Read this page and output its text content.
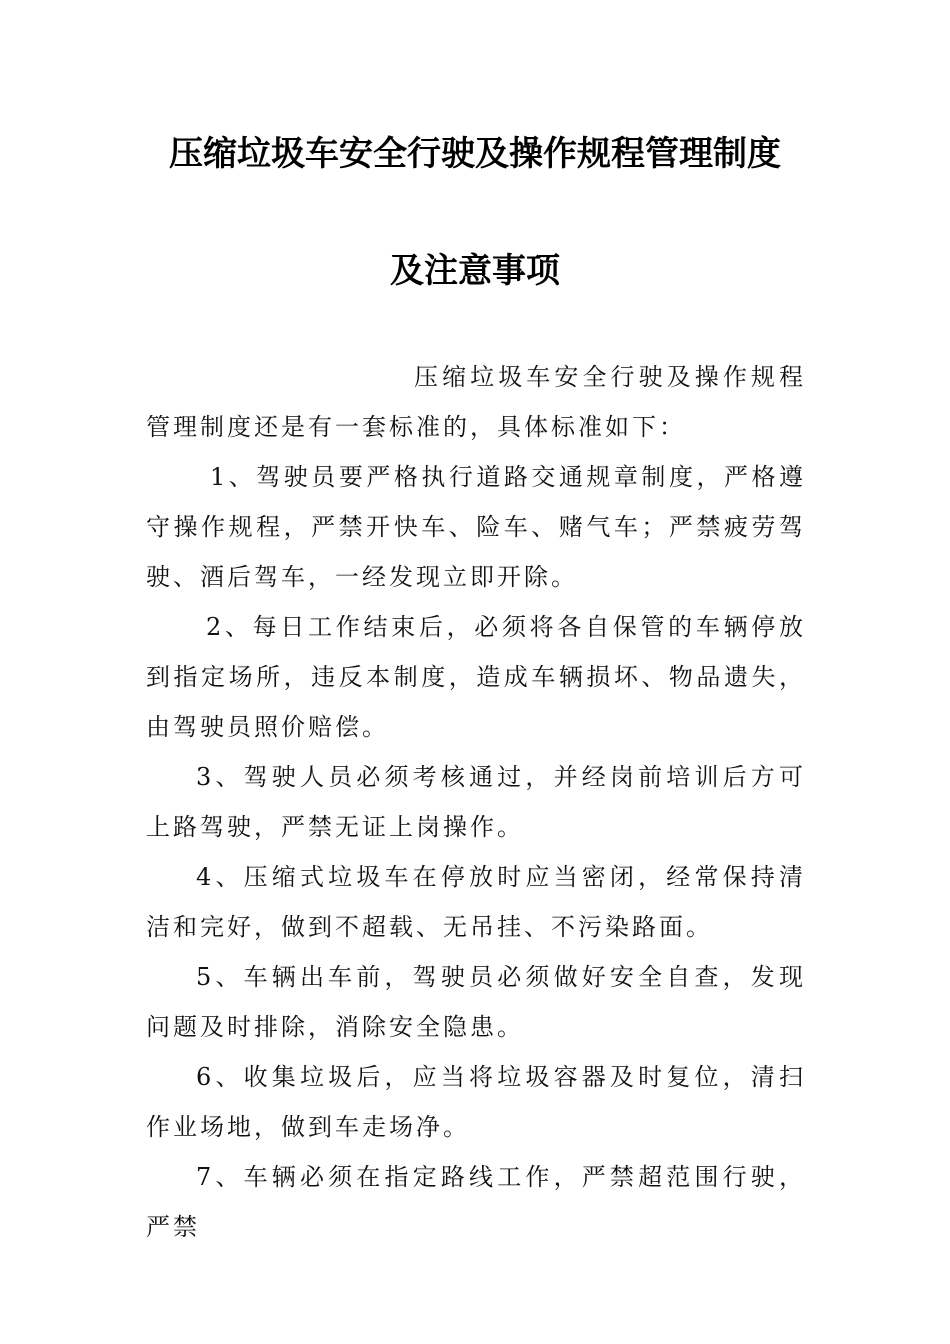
压缩垃圾车安全行驶及操作规程管理制度
及注意事项

压缩垃圾车安全行驶及操作规程管理制度还是有一套标准的，具体标准如下：

1、驾驶员要严格执行道路交通规章制度，严格遵守操作规程，严禁开快车、险车、赌气车；严禁疲劳驾驶、酒后驾车，一经发现立即开除。

2、每日工作结束后，必须将各自保管的车辆停放到指定场所，违反本制度，造成车辆损坏、物品遗失，由驾驶员照价赔偿。

3、驾驶人员必须考核通过，并经岗前培训后方可上路驾驶，严禁无证上岗操作。

4、压缩式垃圾车在停放时应当密闭，经常保持清洁和完好，做到不超载、无吊挂、不污染路面。

5、车辆出车前，驾驶员必须做好安全自查，发现问题及时排除，消除安全隐患。

6、收集垃圾后，应当将垃圾容器及时复位，清扫作业场地，做到车走场净。

7、车辆必须在指定路线工作，严禁超范围行驶，严禁
